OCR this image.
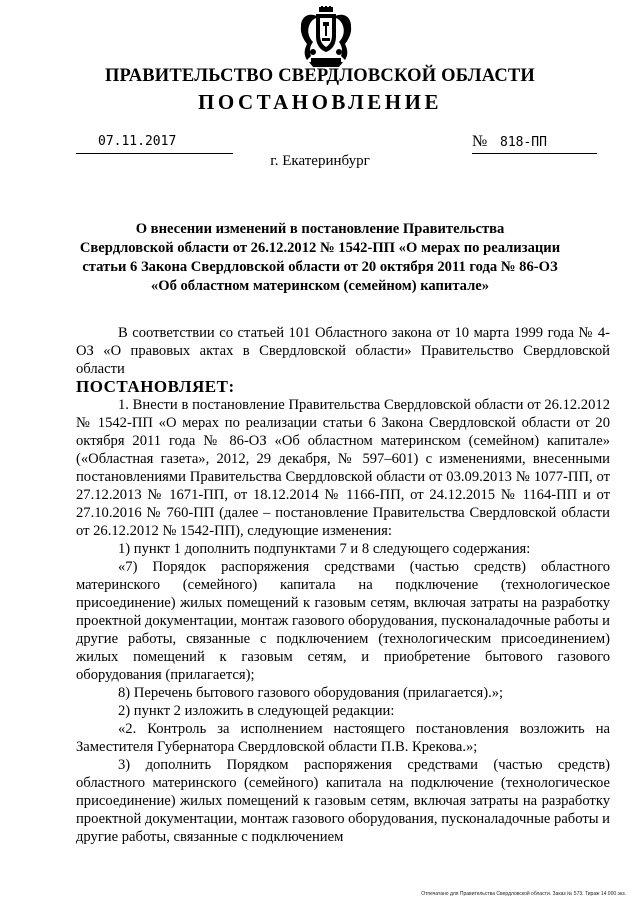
ПРАВИТЕЛЬСТВО СВЕРДЛОВСКОЙ ОБЛАСТИ
ПОСТАНОВЛЕНИЕ
07.11.2017	№ 818-ПП
г. Екатеринбург
О внесении изменений в постановление Правительства
Свердловской области от 26.12.2012 № 1542-ПП «О мерах по реализации
статьи 6 Закона Свердловской области от 20 октября 2011 года № 86-ОЗ
«Об областном материнском (семейном) капитале»

В соответствии со статьей 101 Областного закона от 10 марта 1999 года № 4-ОЗ «О правовых актах в Свердловской области» Правительство Свердловской области

ПОСТАНОВЛЯЕТ:

1. Внести в постановление Правительства Свердловской области от 26.12.2012 № 1542-ПП «О мерах по реализации статьи 6 Закона Свердловской области от 20 октября 2011 года № 86-ОЗ «Об областном материнском (семейном) капитале» («Областная газета», 2012, 29 декабря, № 597–601) с изменениями, внесенными постановлениями Правительства Свердловской области от 03.09.2013 № 1077-ПП, от 27.12.2013 № 1671-ПП, от 18.12.2014 № 1166-ПП, от 24.12.2015 № 1164-ПП и от 27.10.2016 № 760-ПП (далее – постановление Правительства Свердловской области от 26.12.2012 № 1542-ПП), следующие изменения:

1) пункт 1 дополнить подпунктами 7 и 8 следующего содержания:

«7) Порядок распоряжения средствами (частью средств) областного материнского (семейного) капитала на подключение (технологическое присоединение) жилых помещений к газовым сетям, включая затраты на разработку проектной документации, монтаж газового оборудования, пусконаладочные работы и другие работы, связанные с подключением (технологическим присоединением) жилых помещений к газовым сетям, и приобретение бытового газового оборудования (прилагается);

8) Перечень бытового газового оборудования (прилагается).»;

2) пункт 2 изложить в следующей редакции:

«2. Контроль за исполнением настоящего постановления возложить на Заместителя Губернатора Свердловской области П.В. Крекова.»;

3) дополнить Порядком распоряжения средствами (частью средств) областного материнского (семейного) капитала на подключение (технологическое присоединение) жилых помещений к газовым сетям, включая затраты на разработку проектной документации, монтаж газового оборудования, пусконаладочные работы и другие работы, связанные с подключением

Отпечатано для Правительства Свердловской области. Заказ № 573. Тираж 14 000 экз.
